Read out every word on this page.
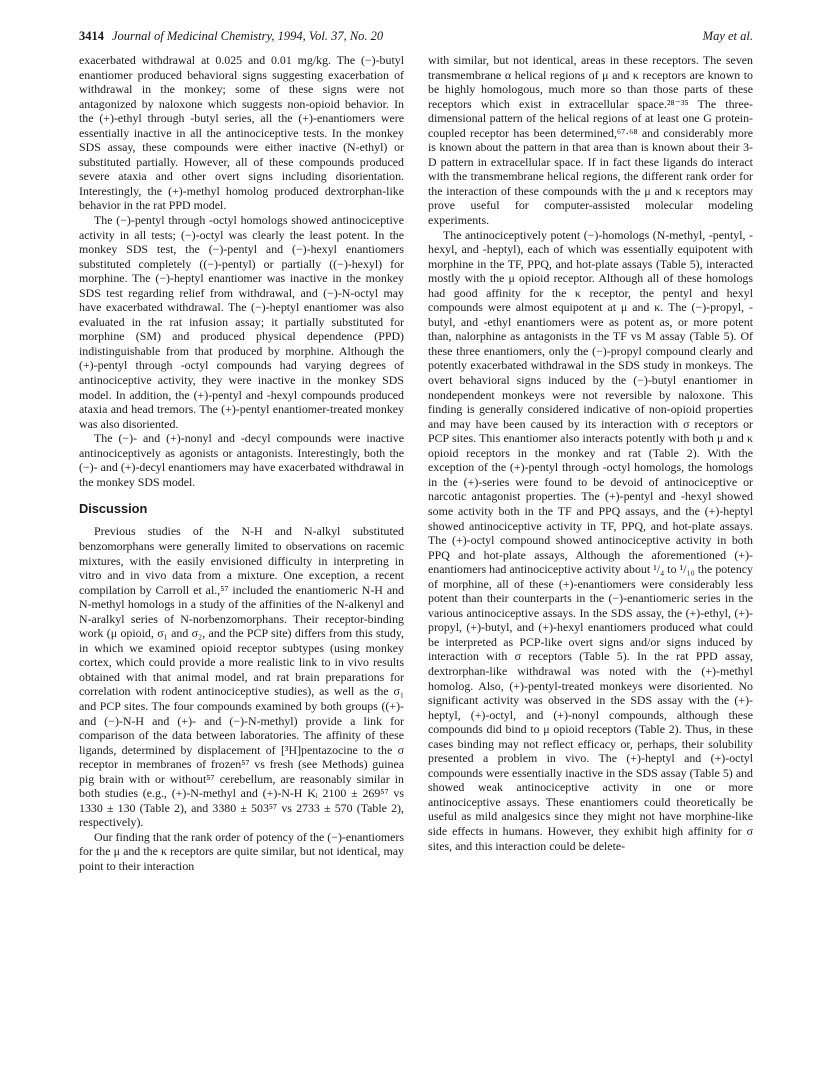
3414 Journal of Medicinal Chemistry, 1994, Vol. 37, No. 20	May et al.

exacerbated withdrawal at 0.025 and 0.01 mg/kg. The (−)-butyl enantiomer produced behavioral signs suggesting exacerbation of withdrawal in the monkey; some of these signs were not antagonized by naloxone which suggests non-opioid behavior. In the (+)-ethyl through -butyl series, all the (+)-enantiomers were essentially inactive in all the antinociceptive tests. In the monkey SDS assay, these compounds were either inactive (N-ethyl) or substituted partially. However, all of these compounds produced severe ataxia and other overt signs including disorientation. Interestingly, the (+)-methyl homolog produced dextrorphan-like behavior in the rat PPD model.

The (−)-pentyl through -octyl homologs showed antinociceptive activity in all tests; (−)-octyl was clearly the least potent. In the monkey SDS test, the (−)-pentyl and (−)-hexyl enantiomers substituted completely ((−)-pentyl) or partially ((−)-hexyl) for morphine. The (−)-heptyl enantiomer was inactive in the monkey SDS test regarding relief from withdrawal, and (−)-N-octyl may have exacerbated withdrawal. The (−)-heptyl enantiomer was also evaluated in the rat infusion assay; it partially substituted for morphine (SM) and produced physical dependence (PPD) indistinguishable from that produced by morphine. Although the (+)-pentyl through -octyl compounds had varying degrees of antinociceptive activity, they were inactive in the monkey SDS model. In addition, the (+)-pentyl and -hexyl compounds produced ataxia and head tremors. The (+)-pentyl enantiomer-treated monkey was also disoriented.

The (−)- and (+)-nonyl and -decyl compounds were inactive antinociceptively as agonists or antagonists. Interestingly, both the (−)- and (+)-decyl enantiomers may have exacerbated withdrawal in the monkey SDS model.

Discussion

Previous studies of the N-H and N-alkyl substituted benzomorphans were generally limited to observations on racemic mixtures, with the easily envisioned difficulty in interpreting in vitro and in vivo data from a mixture. One exception, a recent compilation by Carroll et al.,⁵⁷ included the enantiomeric N-H and N-methyl homologs in a study of the affinities of the N-alkenyl and N-aralkyl series of N-norbenzomorphans. Their receptor-binding work (μ opioid, σ₁ and σ₂, and the PCP site) differs from this study, in which we examined opioid receptor subtypes (using monkey cortex, which could provide a more realistic link to in vivo results obtained with that animal model, and rat brain preparations for correlation with rodent antinociceptive studies), as well as the σ₁ and PCP sites. The four compounds examined by both groups ((+)- and (−)-N-H and (+)- and (−)-N-methyl) provide a link for comparison of the data between laboratories. The affinity of these ligands, determined by displacement of [³H]pentazocine to the σ receptor in membranes of frozen⁵⁷ vs fresh (see Methods) guinea pig brain with or without⁵⁷ cerebellum, are reasonably similar in both studies (e.g., (+)-N-methyl and (+)-N-H Kᵢ 2100 ± 269⁵⁷ vs 1330 ± 130 (Table 2), and 3380 ± 503⁵⁷ vs 2733 ± 570 (Table 2), respectively).

Our finding that the rank order of potency of the (−)-enantiomers for the μ and the κ receptors are quite similar, but not identical, may point to their interaction

with similar, but not identical, areas in these receptors. The seven transmembrane α helical regions of μ and κ receptors are known to be highly homologous, much more so than those parts of these receptors which exist in extracellular space.²⁸⁻³⁵ The three-dimensional pattern of the helical regions of at least one G protein-coupled receptor has been determined,⁶⁷·⁶⁸ and considerably more is known about the pattern in that area than is known about their 3-D pattern in extracellular space. If in fact these ligands do interact with the transmembrane helical regions, the different rank order for the interaction of these compounds with the μ and κ receptors may prove useful for computer-assisted molecular modeling experiments.

The antinociceptively potent (−)-homologs (N-methyl, -pentyl, -hexyl, and -heptyl), each of which was essentially equipotent with morphine in the TF, PPQ, and hot-plate assays (Table 5), interacted mostly with the μ opioid receptor. Although all of these homologs had good affinity for the κ receptor, the pentyl and hexyl compounds were almost equipotent at μ and κ. The (−)-propyl, -butyl, and -ethyl enantiomers were as potent as, or more potent than, nalorphine as antagonists in the TF vs M assay (Table 5). Of these three enantiomers, only the (−)-propyl compound clearly and potently exacerbated withdrawal in the SDS study in monkeys. The overt behavioral signs induced by the (−)-butyl enantiomer in nondependent monkeys were not reversible by naloxone. This finding is generally considered indicative of non-opioid properties and may have been caused by its interaction with σ receptors or PCP sites. This enantiomer also interacts potently with both μ and κ opioid receptors in the monkey and rat (Table 2). With the exception of the (+)-pentyl through -octyl homologs, the homologs in the (+)-series were found to be devoid of antinociceptive or narcotic antagonist properties. The (+)-pentyl and -hexyl showed some activity both in the TF and PPQ assays, and the (+)-heptyl showed antinociceptive activity in TF, PPQ, and hot-plate assays. The (+)-octyl compound showed antinociceptive activity in both PPQ and hot-plate assays, Although the aforementioned (+)-enantiomers had antinociceptive activity about ¹/₄ to ¹/₁₀ the potency of morphine, all of these (+)-enantiomers were considerably less potent than their counterparts in the (−)-enantiomeric series in the various antinociceptive assays. In the SDS assay, the (+)-ethyl, (+)-propyl, (+)-butyl, and (+)-hexyl enantiomers produced what could be interpreted as PCP-like overt signs and/or signs induced by interaction with σ receptors (Table 5). In the rat PPD assay, dextrorphan-like withdrawal was noted with the (+)-methyl homolog. Also, (+)-pentyl-treated monkeys were disoriented. No significant activity was observed in the SDS assay with the (+)-heptyl, (+)-octyl, and (+)-nonyl compounds, although these compounds did bind to μ opioid receptors (Table 2). Thus, in these cases binding may not reflect efficacy or, perhaps, their solubility presented a problem in vivo. The (+)-heptyl and (+)-octyl compounds were essentially inactive in the SDS assay (Table 5) and showed weak antinociceptive activity in one or more antinociceptive assays. These enantiomers could theoretically be useful as mild analgesics since they might not have morphine-like side effects in humans. However, they exhibit high affinity for σ sites, and this interaction could be delete-
